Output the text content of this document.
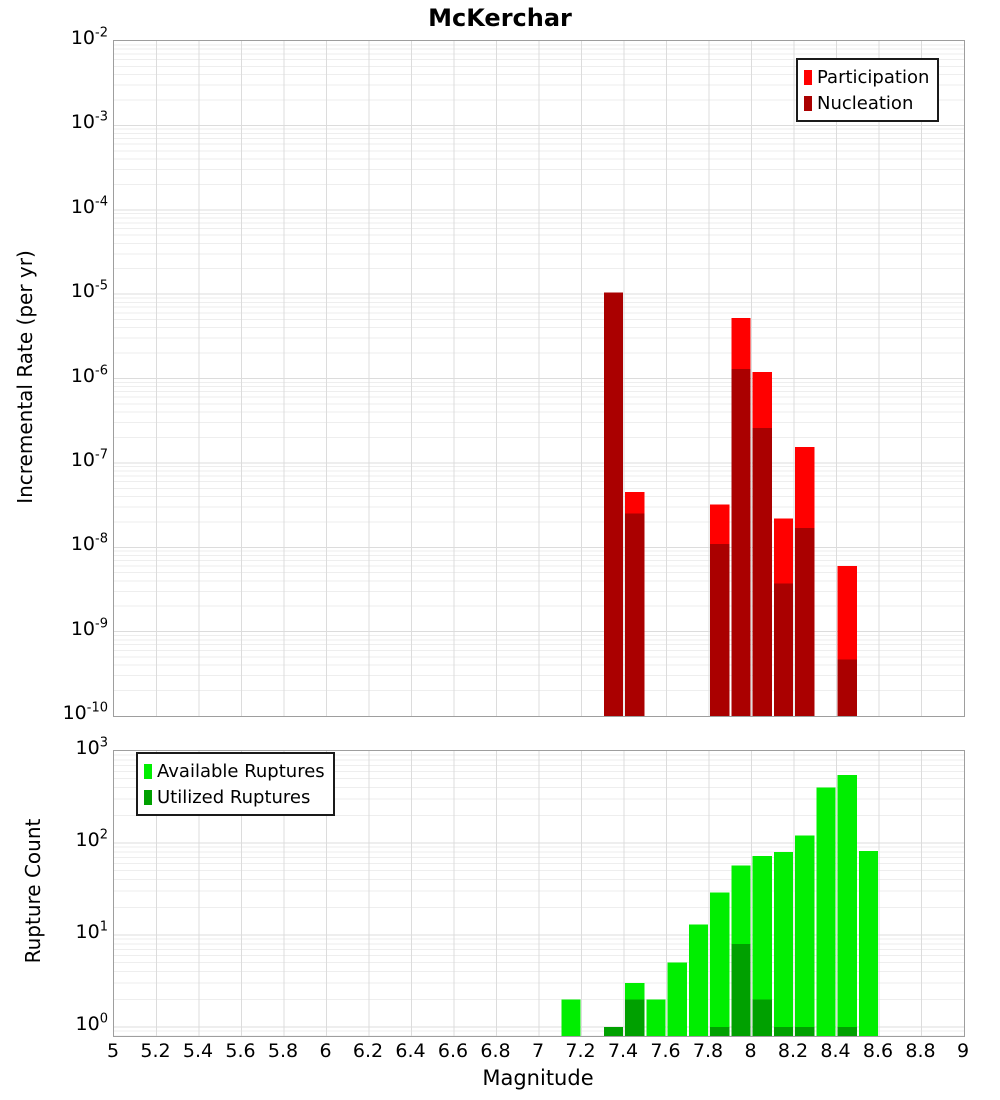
McKerchar
Incremental Rate (per yr)
Rupture Count
Magnitude
Participation
Nucleation
Available Ruptures
Utilized Ruptures
$10^{-2}$
$10^{-3}$
$10^{-4}$
$10^{-5}$
$10^{-6}$
$10^{-7}$
$10^{-8}$
$10^{-9}$
$10^{-10}$
$10^3$
$10^2$
$10^1$
$10^0$
5	5.2 5.4 5.6 5.8	6	6.2 6.4 6.6 6.8	7	7.2 7.4 7.6 7.8	8	8.2 8.4 8.6 8.8	9
